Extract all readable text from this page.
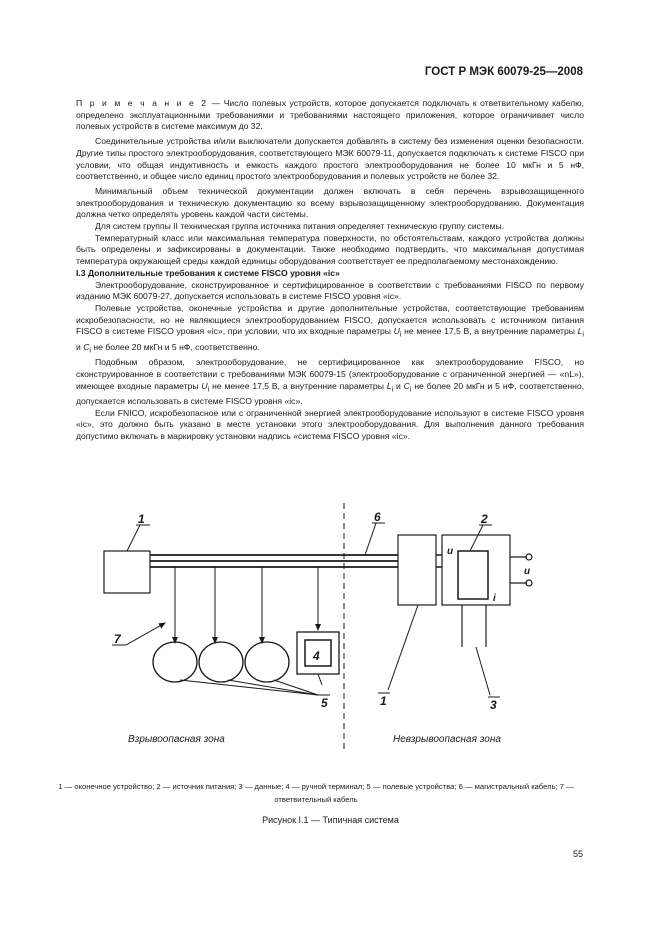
ГОСТ Р МЭК 60079-25—2008

П р и м е ч а н и е 2 — Число полевых устройств, которое допускается подключать к ответвительному кабелю, определено эксплуатационными требованиями и требованиями настоящего приложения, которое ограничивает число полевых устройств в системе максимум до 32.

Соединительные устройства и/или выключатели допускается добавлять в систему без изменения оценки безопасности. Другие типы простого электрооборудования, соответствующего МЭК 60079-11, допускается подключать к системе FISCO при условии, что общая индуктивность и емкость каждого простого электрооборудования не более 10 мкГн и 5 нФ, соответственно, и общее число единиц простого электрооборудования и полевых устройств не более 32.

Минимальный объем технической документации должен включать в себя перечень взрывозащищенного электрооборудования и техническую документацию ко всему взрывозащищенному электрооборудованию. Документация должна четко определять уровень каждой части системы.

Для систем группы II техническая группа источника питания определяет техническую группу системы.

Температурный класс или максимальная температура поверхности, по обстоятельствам, каждого устройства должны быть определены и зафиксированы в документации. Также необходимо подтвердить, что максимальная допустимая температура окружающей среды каждой единицы оборудования соответствует ее предполагаемому местонахождению.

I.3 Дополнительные требования к системе FISCO уровня «ic»

Электрооборудование, сконструированное и сертифицированное в соответствии с требованиями FISCO по первому изданию МЭК 60079-27, допускается использовать в системе FISCO уровня «ic».

Полевые устройства, оконечные устройства и другие дополнительные устройства, соответствующие требованиям искробезопасности, но не являющиеся электрооборудованием FISCO, допускается использовать с источником питания FISCO в системе FISCO уровня «ic», при условии, что их входные параметры $U_i$ не менее 17,5 В, а внутренние параметры $L_i$ и $C_i$ не более 20 мкГн и 5 нФ, соответственно.

Подобным образом, электрооборудование, не сертифицированное как электрооборудование FISCO, но сконструированное в соответствии с требованиями МЭК 60079-15 (электрооборудование с ограниченной энергией — «nL»), имеющее входные параметры $U_i$ не менее 17,5 В, а внутренние параметры $L_i$ и $C_i$ не более 20 мкГн и 5 нФ, соответственно, допускается использовать в системе FISCO уровня «ic».

Если FNICO, искробезопасное или с ограниченной энергией электрооборудование используют в системе FISCO уровня «ic», это должно быть указано в месте установки этого электрооборудования. Для выполнения данного требования допустимо включать в маркировку установки надпись «система FISCO уровня «ic».

1	6	2
7
4
5	1	3
u
u
i
Взрывоопасная зона	Невзрывоопасная зона
1 — оконечное устройство; 2 — источник питания; 3 — данные; 4 — ручной терминал; 5 — полевые устройства; 6 — магистральный кабель; 7 — ответвительный кабель
Рисунок I.1 — Типичная система
55
